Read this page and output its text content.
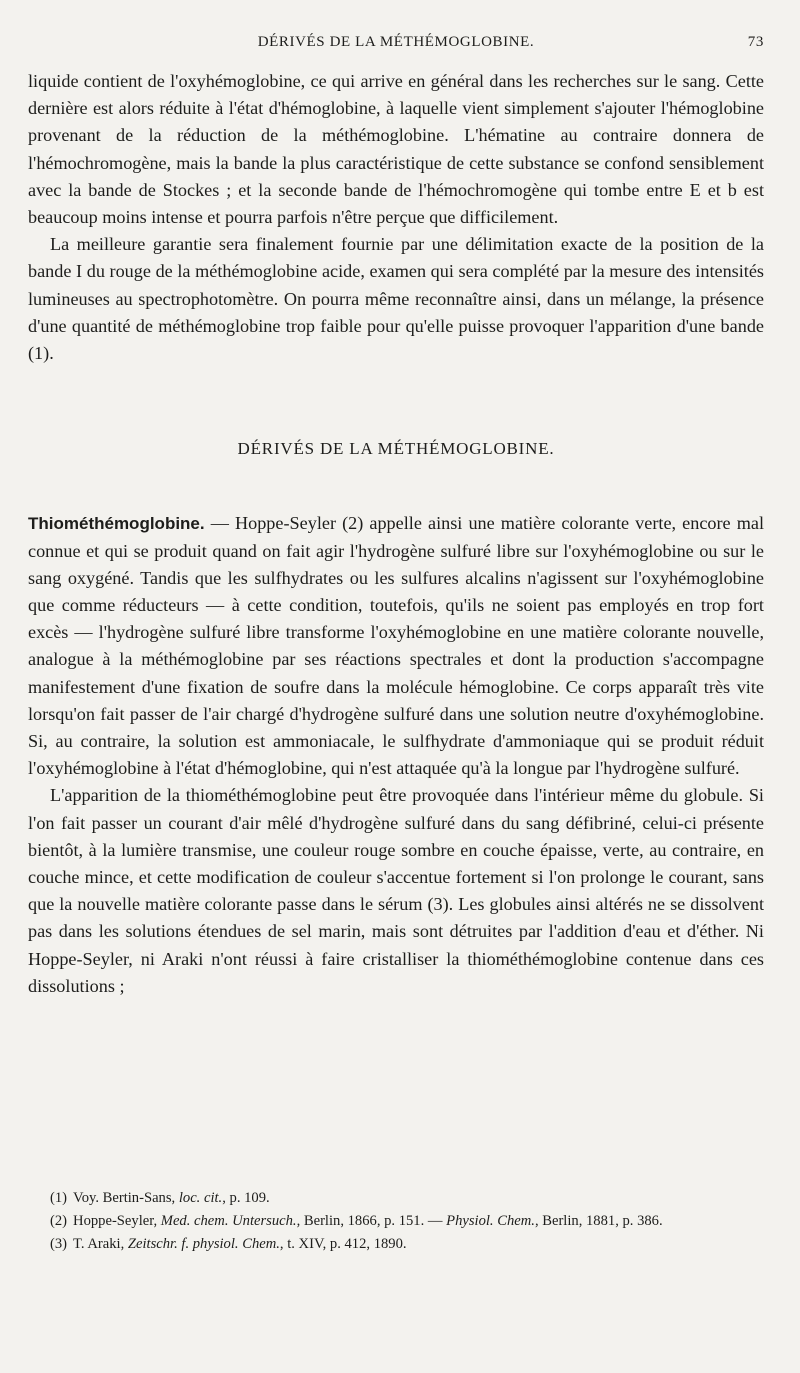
DÉRIVÉS DE LA MÉTHÉMOGLOBINE.	73

liquide contient de l'oxyhémoglobine, ce qui arrive en général dans les recherches sur le sang. Cette dernière est alors réduite à l'état d'hémoglobine, à laquelle vient simplement s'ajouter l'hémoglobine provenant de la réduction de la méthémoglobine. L'hématine au contraire donnera de l'hémochromogène, mais la bande la plus caractéristique de cette substance se confond sensiblement avec la bande de Stockes ; et la seconde bande de l'hémochromogène qui tombe entre E et b est beaucoup moins intense et pourra parfois n'être perçue que difficilement.

La meilleure garantie sera finalement fournie par une délimitation exacte de la position de la bande I du rouge de la méthémoglobine acide, examen qui sera complété par la mesure des intensités lumineuses au spectrophotomètre. On pourra même reconnaître ainsi, dans un mélange, la présence d'une quantité de méthémoglobine trop faible pour qu'elle puisse provoquer l'apparition d'une bande (1).

DÉRIVÉS DE LA MÉTHÉMOGLOBINE.

Thiométhémoglobine. — Hoppe-Seyler (2) appelle ainsi une matière colorante verte, encore mal connue et qui se produit quand on fait agir l'hydrogène sulfuré libre sur l'oxyhémoglobine ou sur le sang oxygéné. Tandis que les sulfhydrates ou les sulfures alcalins n'agissent sur l'oxyhémoglobine que comme réducteurs — à cette condition, toutefois, qu'ils ne soient pas employés en trop fort excès — l'hydrogène sulfuré libre transforme l'oxyhémoglobine en une matière colorante nouvelle, analogue à la méthémoglobine par ses réactions spectrales et dont la production s'accompagne manifestement d'une fixation de soufre dans la molécule hémoglobine. Ce corps apparaît très vite lorsqu'on fait passer de l'air chargé d'hydrogène sulfuré dans une solution neutre d'oxyhémoglobine. Si, au contraire, la solution est ammoniacale, le sulfhydrate d'ammoniaque qui se produit réduit l'oxyhémoglobine à l'état d'hémoglobine, qui n'est attaquée qu'à la longue par l'hydrogène sulfuré.

L'apparition de la thiométhémoglobine peut être provoquée dans l'intérieur même du globule. Si l'on fait passer un courant d'air mêlé d'hydrogène sulfuré dans du sang défibriné, celui-ci présente bientôt, à la lumière transmise, une couleur rouge sombre en couche épaisse, verte, au contraire, en couche mince, et cette modification de couleur s'accentue fortement si l'on prolonge le courant, sans que la nouvelle matière colorante passe dans le sérum (3). Les globules ainsi altérés ne se dissolvent pas dans les solutions étendues de sel marin, mais sont détruites par l'addition d'eau et d'éther. Ni Hoppe-Seyler, ni Araki n'ont réussi à faire cristalliser la thiométhémoglobine contenue dans ces dissolutions ;

(1) Voy. Bertin-Sans, loc. cit., p. 109.

(2) Hoppe-Seyler, Med. chem. Untersuch., Berlin, 1866, p. 151. — Physiol. Chem., Berlin, 1881, p. 386.

(3) T. Araki, Zeitschr. f. physiol. Chem., t. XIV, p. 412, 1890.
